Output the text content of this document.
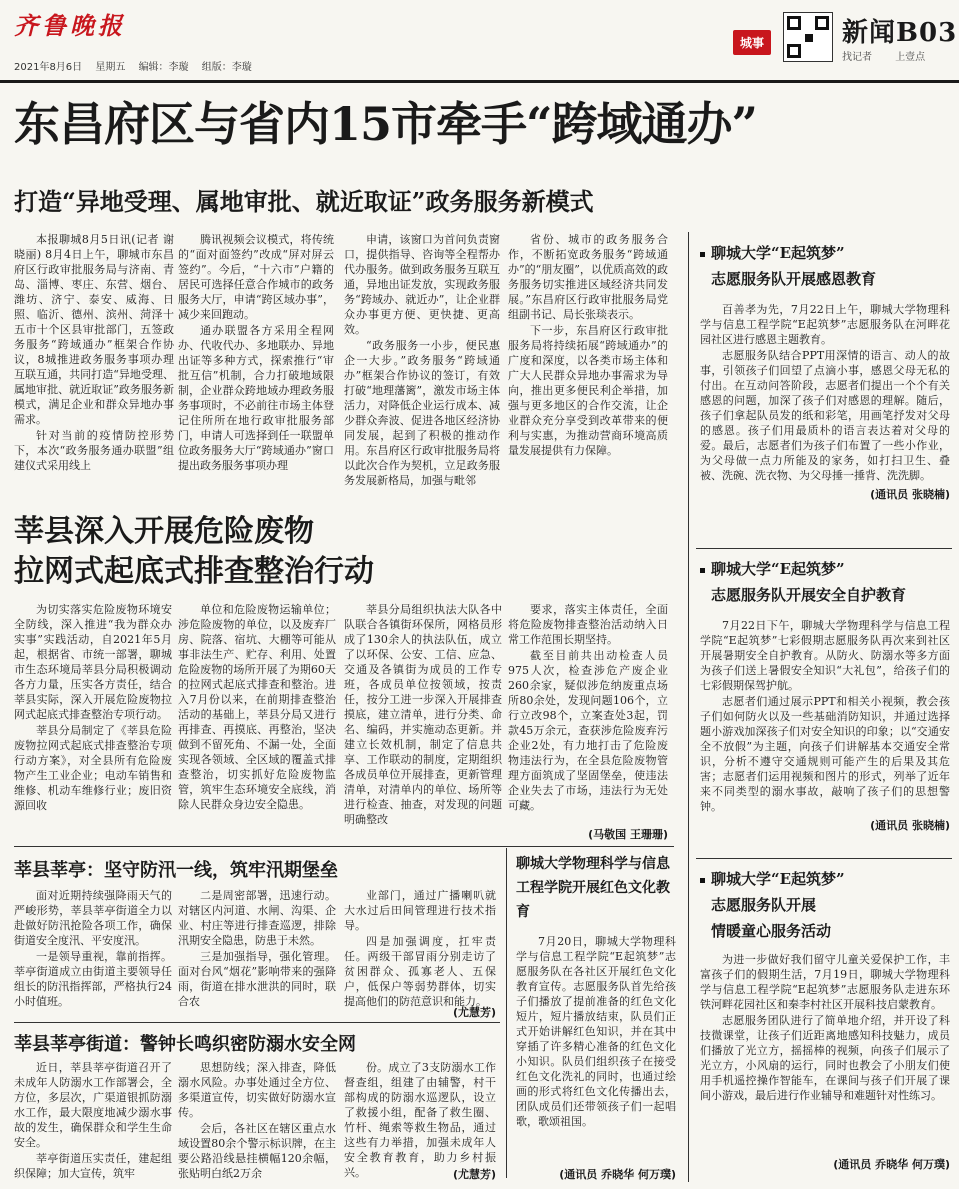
齐鲁晚报
2021年8月6日 星期五 编辑：李璇 组版：李璇
城事	新闻B03
找记者 上壹点
东昌府区与省内15市牵手“跨域通办”
打造“异地受理、属地审批、就近取证”政务服务新模式

本报聊城8月5日讯(记者 谢晓丽) 8月4日上午，聊城市东昌府区行政审批服务局与济南、青岛、淄博、枣庄、东营、烟台、潍坊、济宁、泰安、威海、日照、临沂、德州、滨州、菏泽十五市十个区县审批部门，五签政务服务“跨域通办”框架合作协议，8城推进政务服务事项办理互联互通，共同打造“异地受理、属地审批、就近取证”政务服务新模式，满足企业和群众异地办事需求。

针对当前的疫情防控形势下，本次“政务服务通办联盟”组建仪式采用线上

腾讯视频会议模式，将传统的“面对面签约”改成“屏对屏云签约”。今后，“十六市”户籍的居民可选择任意合作城市的政务服务大厅，申请“跨区域办事”，减少来回跑动。

通办联盟各方采用全程网办、代收代办、多地联办、异地出证等多种方式，探索推行“审批互信”机制，合力打破地域限制，企业群众跨地域办理政务服务事项时，不必前往市场主体登记住所所在地行政审批服务部门，申请人可选择到任一联盟单位政务服务大厅“跨域通办”窗口提出政务服务事项办理

申请，该窗口为首问负责窗口，提供指导、咨询等全程帮办代办服务。做到政务服务互联互通，异地出证发放，实现政务服务“跨域办、就近办”，让企业群众办事更方便、更快捷、更高效。

“政务服务一小步，便民惠企一大步。”政务服务“跨域通办”框架合作协议的签订，有效打破“地理藩篱”，激发市场主体活力，对降低企业运行成本、减少群众奔波、促进各地区经济协同发展，起到了积极的推动作用。东昌府区行政审批服务局将以此次合作为契机，立足政务服务发展新格局，加强与毗邻

省份、城市的政务服务合作，不断拓宽政务服务“跨域通办”的“朋友圈”，以优质高效的政务服务切实推进区域经济共同发展。”东昌府区行政审批服务局党组副书记、局长张琰表示。

下一步，东昌府区行政审批服务局将持续拓展“跨域通办”的广度和深度，以各类市场主体和广大人民群众异地办事需求为导向，推出更多便民利企举措，加强与更多地区的合作交流，让企业群众充分享受到改革带来的便利与实惠，为推动营商环境高质量发展提供有力保障。

莘县深入开展危险废物
拉网式起底式排查整治行动

为切实落实危险废物环境安全防线，深入推进“我为群众办实事”实践活动，自2021年5月起，根据省、市统一部署，聊城市生态环境局莘县分局积极调动各方力量，压实各方责任，结合莘县实际，深入开展危险废物拉网式起底式排查整治专项行动。

莘县分局制定了《莘县危险废物拉网式起底式排查整治专项行动方案》，对全县所有危险废物产生工业企业；电动车销售和维修、机动车维修行业；废旧资源回收

单位和危险废物运输单位；涉危险废物的单位，以及废弃厂房、院落、宿坑、大棚等可能从事非法生产、贮存、利用、处置危险废物的场所开展了为期60天的拉网式起底式排查和整治。进入7月份以来，在前期排查整治活动的基础上，莘县分局又进行再排查、再摸底、再整治，坚决做到不留死角、不漏一处，全面实现各领域、全区域的覆盖式排查整治，切实抓好危险废物监管，筑牢生态环境安全底线，消除人民群众身边安全隐患。

莘县分局组织执法大队各中队联合各镇街环保所，网格员形成了130余人的执法队伍，成立了以环保、公安、工信、应急、交通及各镇街为成员的工作专班，各成员单位按领域，按责任，按分工进一步深入开展排查摸底，建立清单，进行分类、命名、编码，并实施动态更新。并建立长效机制，制定了信息共享、工作联动的制度，定期组织各成员单位开展排查，更新管理清单，对清单内的单位、场所等进行检查、抽查，对发现的问题明确整改

要求，落实主体责任，全面将危险废物排查整治活动纳入日常工作范围长期坚持。

截至目前共出动检查人员975人次，检查涉危产废企业260余家，疑似涉危纳废重点场所80余处，发现问题106个，立行立改98个，立案查处3起，罚款45万余元，查获涉危险废弃污企业2处，有力地打击了危险废物违法行为，在全县危险废物管理方面筑成了坚固堡垒，使违法企业失去了市场，违法行为无处可藏。

(马敬国 王珊珊)
莘县莘亭：坚守防汛一线，筑牢汛期堡垒

面对近期持续强降雨天气的严峻形势，莘县莘亭街道全力以赴做好防汛抢险各项工作，确保街道安全度汛、平安度汛。

一是领导重视，靠前指挥。莘亭街道成立由街道主要领导任组长的防汛指挥部，严格执行24小时值班。

二是周密部署，迅速行动。对辖区内河道、水闸、沟渠、企业、村庄等进行排查巡逻，排除汛期安全隐患，防患于未然。

三是加强指导，强化管理。面对台风“烟花”影响带来的强降雨，街道在排水泄洪的同时，联合农

业部门，通过广播喇叭就大水过后田间管理进行技术指导。

四是加强调度，扛牢责任。两级干部冒雨分别走访了贫困群众、孤寡老人、五保户，低保户等弱势群体，切实提高他们的防范意识和能力。

(尤慧芳)
莘县莘亭街道：警钟长鸣织密防溺水安全网

近日，莘县莘亭街道召开了未成年人防溺水工作部署会，全方位，多层次，广渠道银抓防溺水工作，最大限度地减少溺水事故的发生，确保群众和学生生命安全。

莘亭街道压实责任，建起组织保障；加大宣传，筑牢

思想防线；深入排查，降低溺水风险。办事处通过全方位、多渠道宣传，切实做好防溺水宣传。

会后，各社区在辖区重点水域设置80余个警示标识牌，在主要公路沿线悬挂横幅120余幅，张贴明白纸2万余

份。成立了3支防溺水工作督查组，组建了由辅警，村干部构成的防溺水巡逻队，设立了救援小组，配备了救生圈、竹杆、绳索等救生物品，通过这些有力举措，加强未成年人安全教育教育，助力乡村振兴。	(尤慧芳)
聊城大学物理科学与信息工程学院开展红色文化教育

7月20日，聊城大学物理科学与信息工程学院“E起筑梦”志愿服务队在各社区开展红色文化教育宣传。志愿服务队首先给孩子们播放了提前准备的红色文化短片，短片播放结束，队员们正式开始讲解红色知识，并在其中穿插了许多精心准备的红色文化小知识。队员们组织孩子在接受红色文化洗礼的同时，也通过绘画的形式将红色文化传播出去，团队成员们还带领孩子们一起唱歌，歌颂祖国。

(通讯员 乔晓华 何万璞)
聊城大学“E起筑梦”
志愿服务队开展感恩教育

百善孝为先，7月22日上午，聊城大学物理科学与信息工程学院“E起筑梦”志愿服务队在河畔花园社区进行感恩主题教育。

志愿服务队结合PPT用深情的语言、动人的故事，引领孩子们回望了点滴小事，感恩父母无私的付出。在互动问答阶段，志愿者们提出一个个有关感恩的问题，加深了孩子们对感恩的理解。随后，孩子们拿起队员发的纸和彩笔，用画笔抒发对父母的感恩。孩子们用最质朴的语言表达着对父母的爱。最后，志愿者们为孩子们布置了一些小作业，为父母做一点力所能及的家务，如打扫卫生、叠被、洗碗、洗衣物、为父母捶一捶背、洗洗脚。

(通讯员 张晓楠)
聊城大学“E起筑梦”
志愿服务队开展安全自护教育

7月22日下午，聊城大学物理科学与信息工程学院“E起筑梦”七彩假期志愿服务队再次来到社区开展暑期安全自护教育。从防火、防溺水等多方面为孩子们送上暑假安全知识“大礼包”，给孩子们的七彩假期保驾护航。

志愿者们通过展示PPT和相关小视频，教会孩子们如何防火以及一些基础消防知识，并通过选择题小游戏加深孩子们对安全知识的印象；以“交通安全不放假”为主题，向孩子们讲解基本交通安全常识，分析不遵守交通规则可能产生的后果及其危害；志愿者们运用视频和图片的形式，列举了近年来不同类型的溺水事故，敲响了孩子们的思想警钟。

(通讯员 张晓楠)
聊城大学“E起筑梦”
志愿服务队开展
情暖童心服务活动

为进一步做好我们留守儿童关爱保护工作，丰富孩子们的假期生活，7月19日，聊城大学物理科学与信息工程学院“E起筑梦”志愿服务队走进东环铁河畔花园社区和秦李村社区开展科技启蒙教育。

志愿服务团队进行了简单地介绍，并开设了科技微课堂，让孩子们近距离地感知科技魅力，成员们播放了光立方，摇摇棒的视频，向孩子们展示了光立方，小风扇的运行，同时也教会了小朋友们使用手机遥控操作智能车，在课间与孩子们开展了课间小游戏，最后进行作业辅导和难题针对性练习。

(通讯员 乔晓华 何万璞)
